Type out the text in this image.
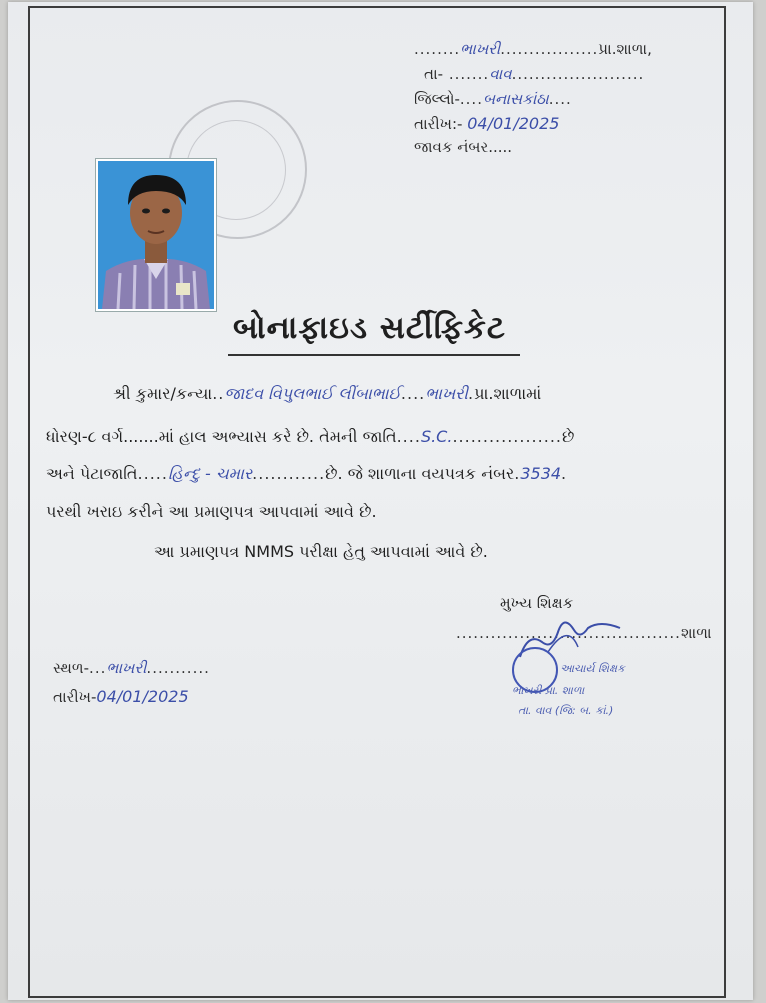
........ભાખરી.................પ્રા.શાળા,
તા- .......વાવ.......................
જિલ્લો-....બનાસકાંઠા....
તારીખ:- 04/01/2025
જાવક નંબર.....
બોનાફાઇડ સર્ટીફિકેટ
શ્રી કુમાર/કન્યા..જાદવ વિપુલભાઈ લીંબાભાઈ....ભાખરી.પ્રા.શાળામાં
ધોરણ-૮ વર્ગ.......માં હાલ અભ્યાસ કરે છે. તેમની જાતિ....S.C...................છે
અને પેટાજાતિ.....હિન્દુ - ચમાર............છે. જે શાળાના વયપત્રક નંબર.3534.
પરથી ખરાઇ કરીને આ પ્રમાણપત્ર આપવામાં આવે છે.
આ પ્રમાણપત્ર NMMS પરીક્ષા હેતુ આપવામાં આવે છે.
મુખ્ય શિક્ષક
.......................................શાળા
આચાર્ય શિક્ષક
ભાખરી પ્રા. શાળા
તા. વાવ (જિ: બ. કાં.)
સ્થળ-...ભાખરી...........
તારીખ-04/01/2025
